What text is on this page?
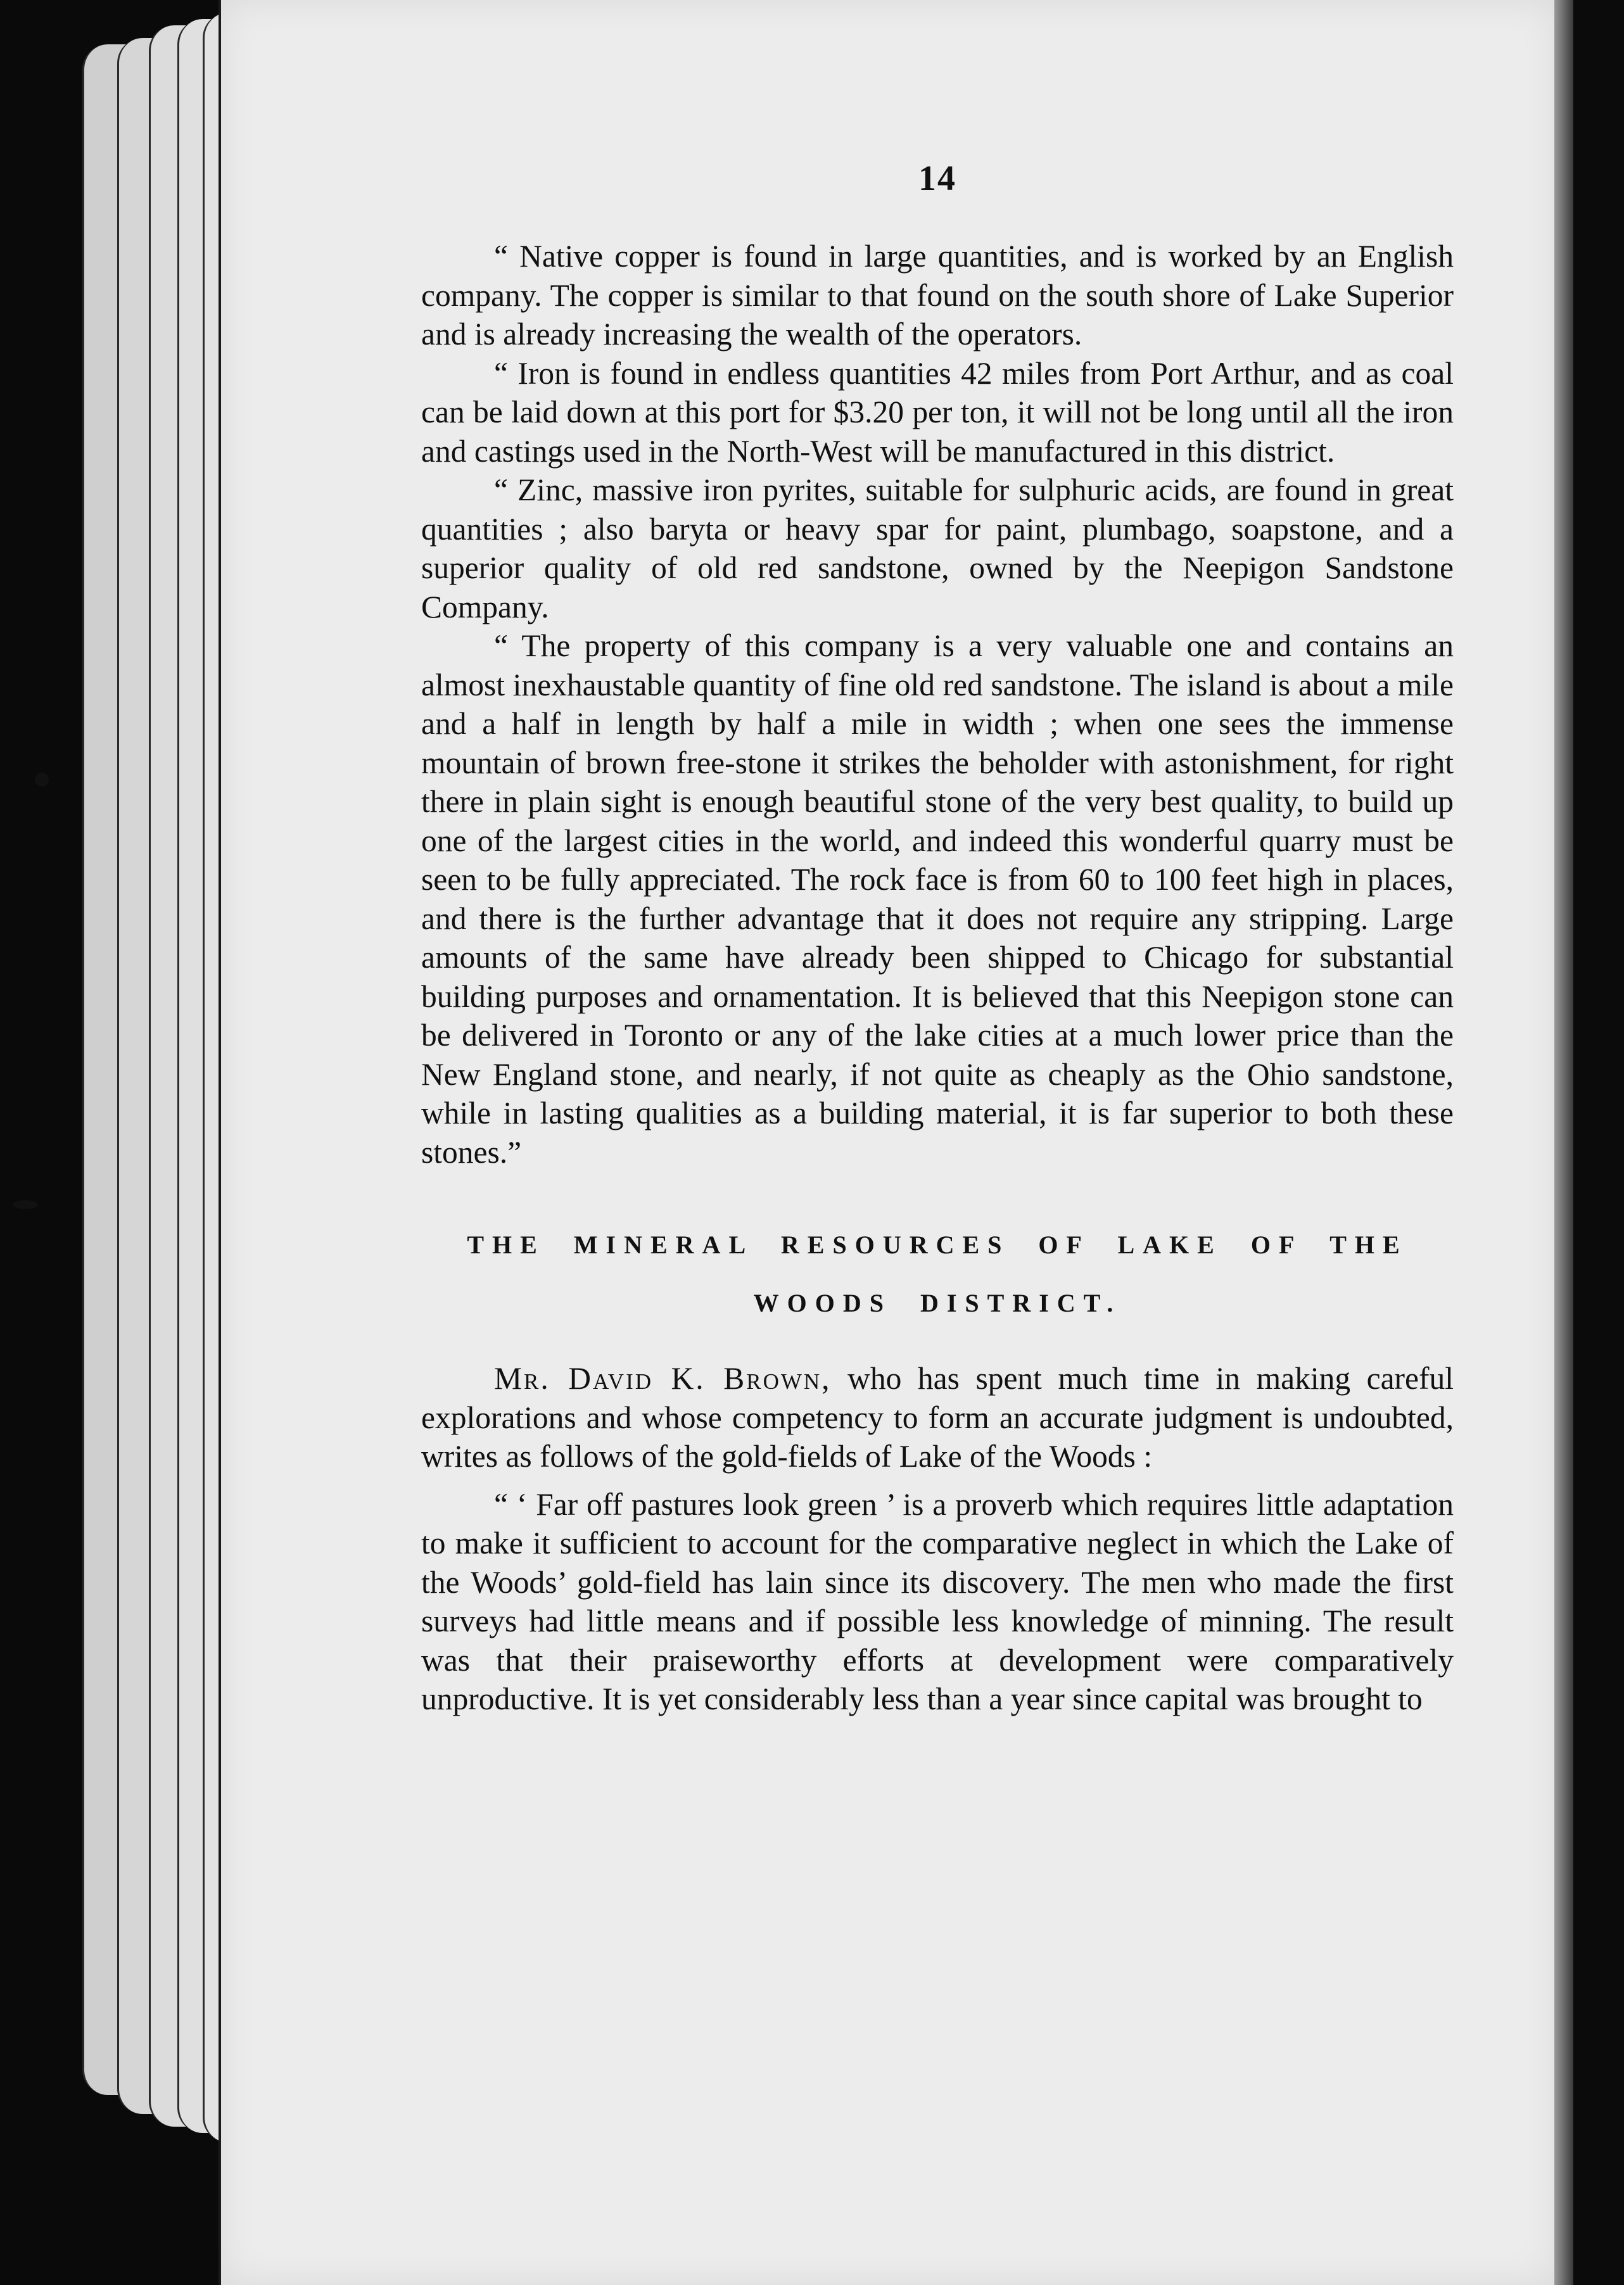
14

“ Native copper is found in large quantities, and is worked by an English company. The copper is similar to that found on the south shore of Lake Superior and is already increasing the wealth of the operators.

“ Iron is found in endless quantities 42 miles from Port Arthur, and as coal can be laid down at this port for $3.20 per ton, it will not be long until all the iron and castings used in the North-West will be manufactured in this district.

“ Zinc, massive iron pyrites, suitable for sulphuric acids, are found in great quantities ; also baryta or heavy spar for paint, plumbago, soapstone, and a superior quality of old red sandstone, owned by the Neepigon Sandstone Company.

“ The property of this company is a very valuable one and contains an almost inexhaustable quantity of fine old red sandstone. The island is about a mile and a half in length by half a mile in width ; when one sees the immense mountain of brown free-stone it strikes the beholder with astonishment, for right there in plain sight is enough beautiful stone of the very best quality, to build up one of the largest cities in the world, and indeed this wonderful quarry must be seen to be fully appreciated. The rock face is from 60 to 100 feet high in places, and there is the further advantage that it does not require any stripping. Large amounts of the same have already been shipped to Chicago for substantial building purposes and ornamentation. It is believed that this Neepigon stone can be delivered in Toronto or any of the lake cities at a much lower price than the New England stone, and nearly, if not quite as cheaply as the Ohio sandstone, while in lasting qualities as a building material, it is far superior to both these stones.”

THE MINERAL RESOURCES OF LAKE OF THE
WOODS DISTRICT.

Mr. David K. Brown, who has spent much time in making careful explorations and whose competency to form an accurate judgment is undoubted, writes as follows of the gold-fields of Lake of the Woods :

“ ‘ Far off pastures look green ’ is a proverb which requires little adaptation to make it sufficient to account for the comparative neglect in which the Lake of the Woods’ gold-field has lain since its discovery. The men who made the first surveys had little means and if possible less knowledge of minning. The result was that their praiseworthy efforts at development were comparatively unproductive. It is yet considerably less than a year since capital was brought to
